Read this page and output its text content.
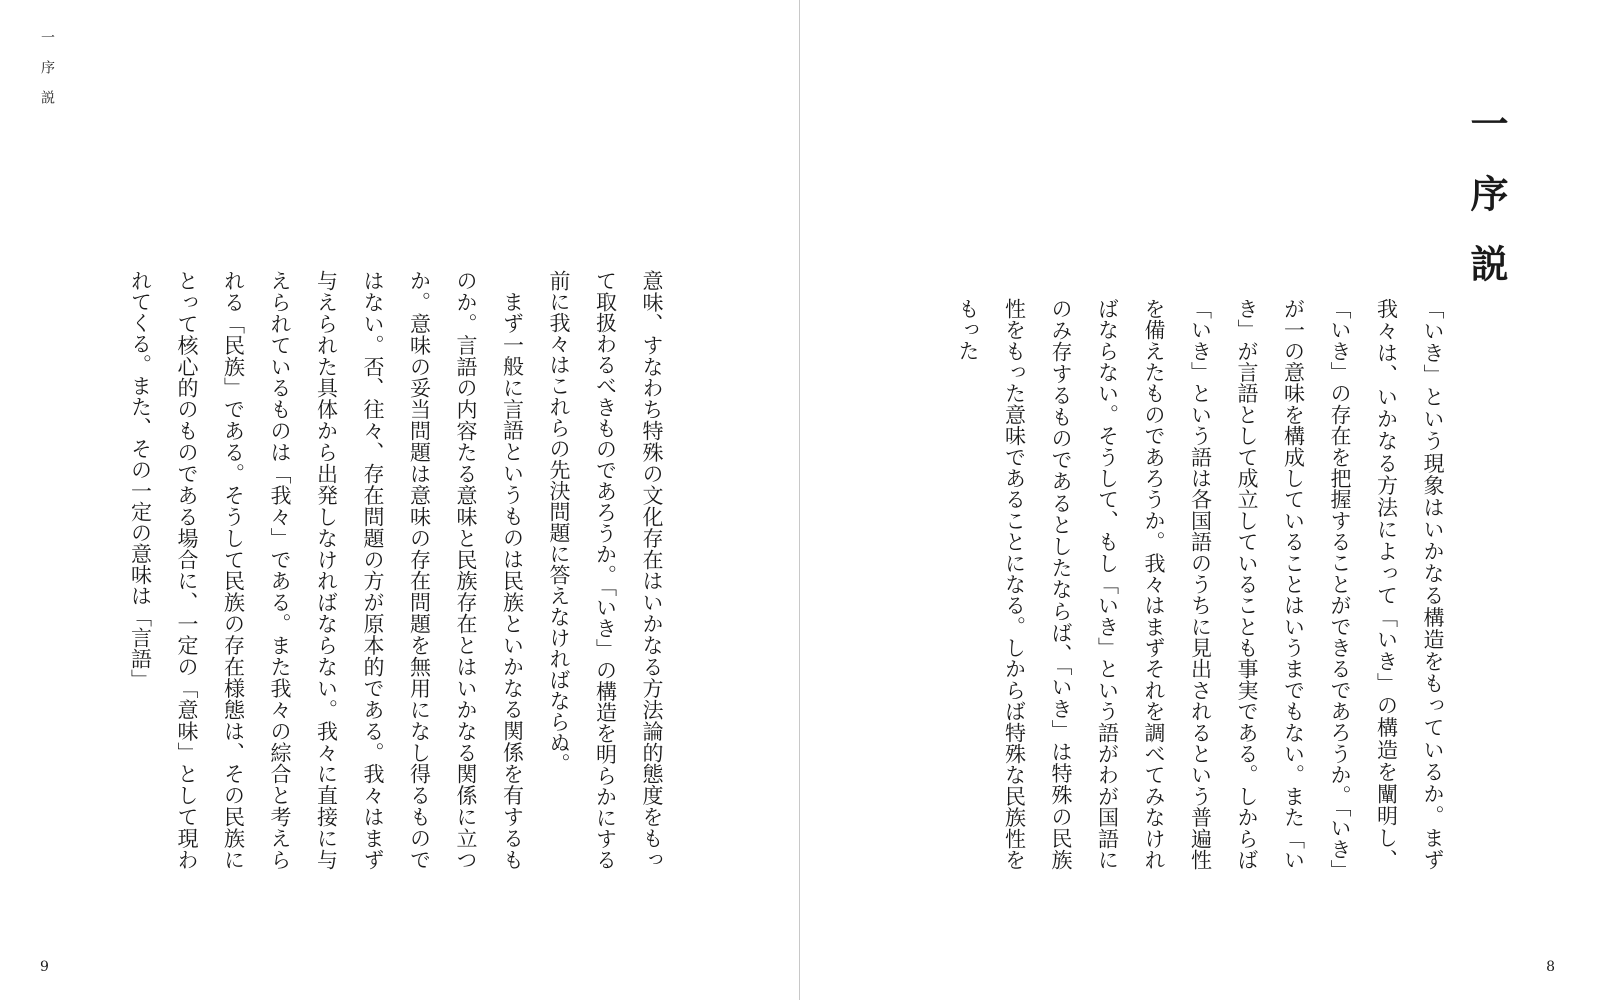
一序説

意味、すなわち特殊の文化存在はいかなる方法論的態度をもって取扱わるべきものであろうか。「いき」の構造を明らかにする前に我々はこれらの先決問題に答えなければならぬ。

まず一般に言語というものは民族といかなる関係を有するものか。言語の内容たる意味と民族存在とはいかなる関係に立つか。意味の妥当問題は意味の存在問題を無用になし得るものではない。否、往々、存在問題の方が原本的である。我々はまず与えられた具体から出発しなければならない。我々に直接に与えられているものは「我々」である。また我々の綜合と考えられる「民族」である。そうして民族の存在様態は、その民族にとって核心的のものである場合に、一定の「意味」として現われてくる。また、その一定の意味は「言語」

9
一序説

「いき」という現象はいかなる構造をもっているか。まず我々は、いかなる方法によって「いき」の構造を闡明し、「いき」の存在を把握することができるであろうか。「いき」が一の意味を構成していることはいうまでもない。また「いき」が言語として成立していることも事実である。しからば「いき」という語は各国語のうちに見出されるという普遍性を備えたものであろうか。我々はまずそれを調べてみなければならない。そうして、もし「いき」という語がわが国語にのみ存するものであるとしたならば、「いき」は特殊の民族性をもった意味であることになる。しからば特殊な民族性をもった

8
